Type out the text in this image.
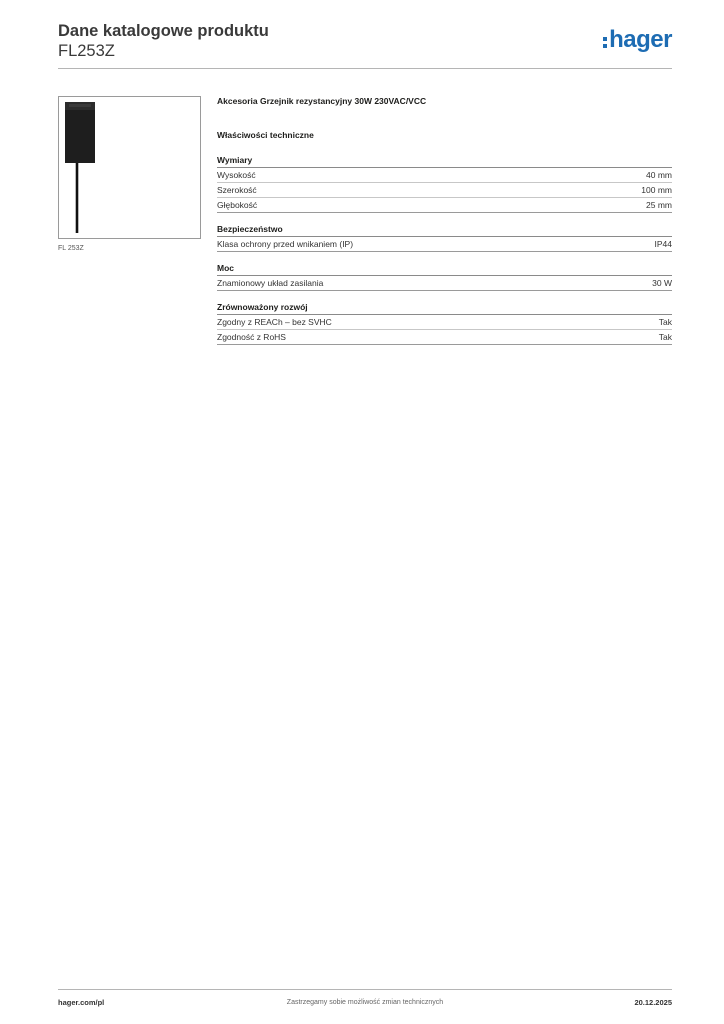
Dane katalogowe produktu
FL253Z	hager
FL 253Z
Akcesoria Grzejnik rezystancyjny 30W 230VAC/VCC
Właściwości techniczne
Wymiary
Wysokość	40 mm
Szerokość	100 mm
Głębokość	25 mm
Bezpieczeństwo
Klasa ochrony przed wnikaniem (IP)	IP44
Moc
Znamionowy układ zasilania	30 W
Zrównoważony rozwój
Zgodny z REACh – bez SVHC	Tak
Zgodność z RoHS	Tak
hager.com/pl	Zastrzegamy sobie możliwość zmian technicznych	20.12.2025
